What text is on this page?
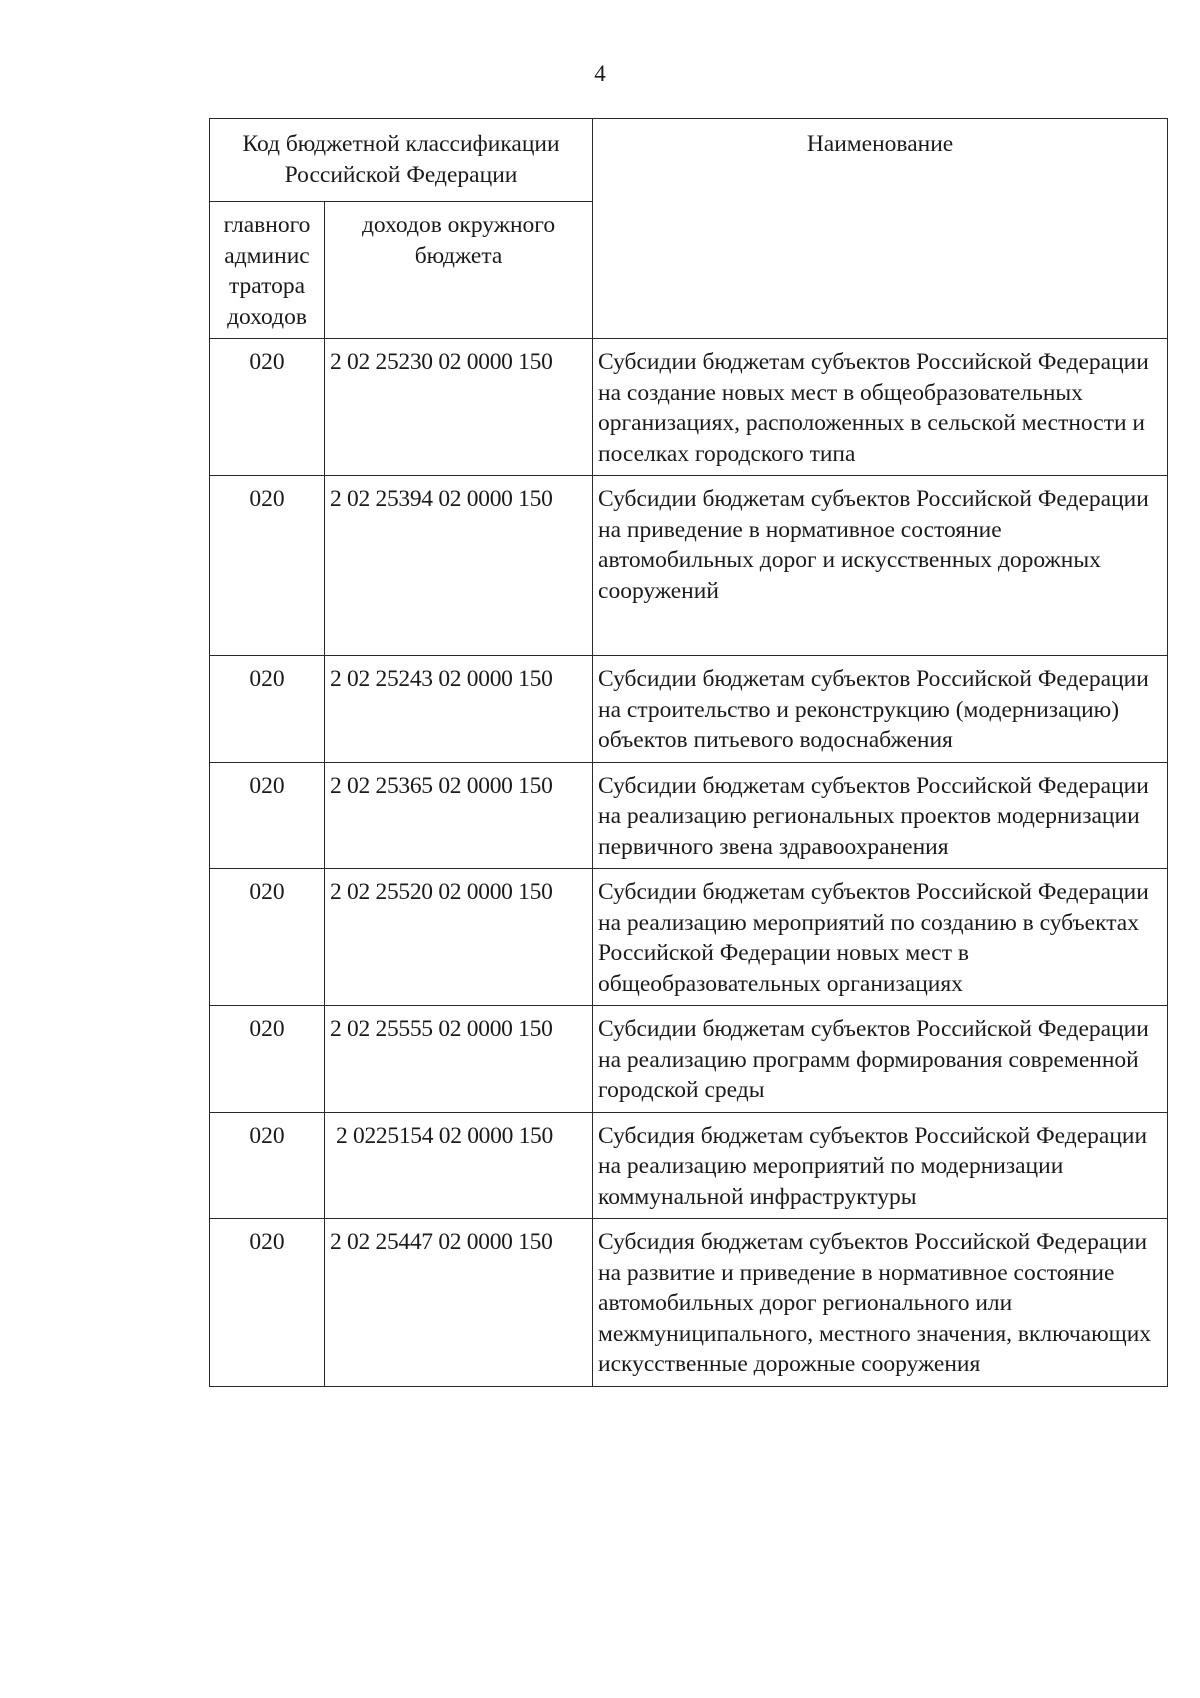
4
Код бюджетной классификации Российской Федерации		Наименование
главного админис тратора доходов	доходов окружного бюджета	
020	2 02 25230 02 0000 150	Субсидии бюджетам субъектов Российской Федерации на создание новых мест в общеобразовательных организациях, расположенных в сельской местности и поселках городского типа
020	2 02 25394 02 0000 150	Субсидии бюджетам субъектов Российской Федерации на приведение в нормативное состояние автомобильных дорог и искусственных дорожных сооружений
020	2 02 25243 02 0000 150	Субсидии бюджетам субъектов Российской Федерации на строительство и реконструкцию (модернизацию) объектов питьевого водоснабжения
020	2 02 25365 02 0000 150	Субсидии бюджетам субъектов Российской Федерации на реализацию региональных проектов модернизации первичного звена здравоохранения
020	2 02 25520 02 0000 150	Субсидии бюджетам субъектов Российской Федерации на реализацию мероприятий по созданию в субъектах Российской Федерации новых мест в общеобразовательных организациях
020	2 02 25555 02 0000 150	Субсидии бюджетам субъектов Российской Федерации на реализацию программ формирования современной городской среды
020	2 0225154 02 0000 150	Субсидия бюджетам субъектов Российской Федерации на реализацию мероприятий по модернизации коммунальной инфраструктуры
020	2 02 25447 02 0000 150	Субсидия бюджетам субъектов Российской Федерации на развитие и приведение в нормативное состояние автомобильных дорог регионального или межмуниципального, местного значения, включающих искусственные дорожные сооружения
